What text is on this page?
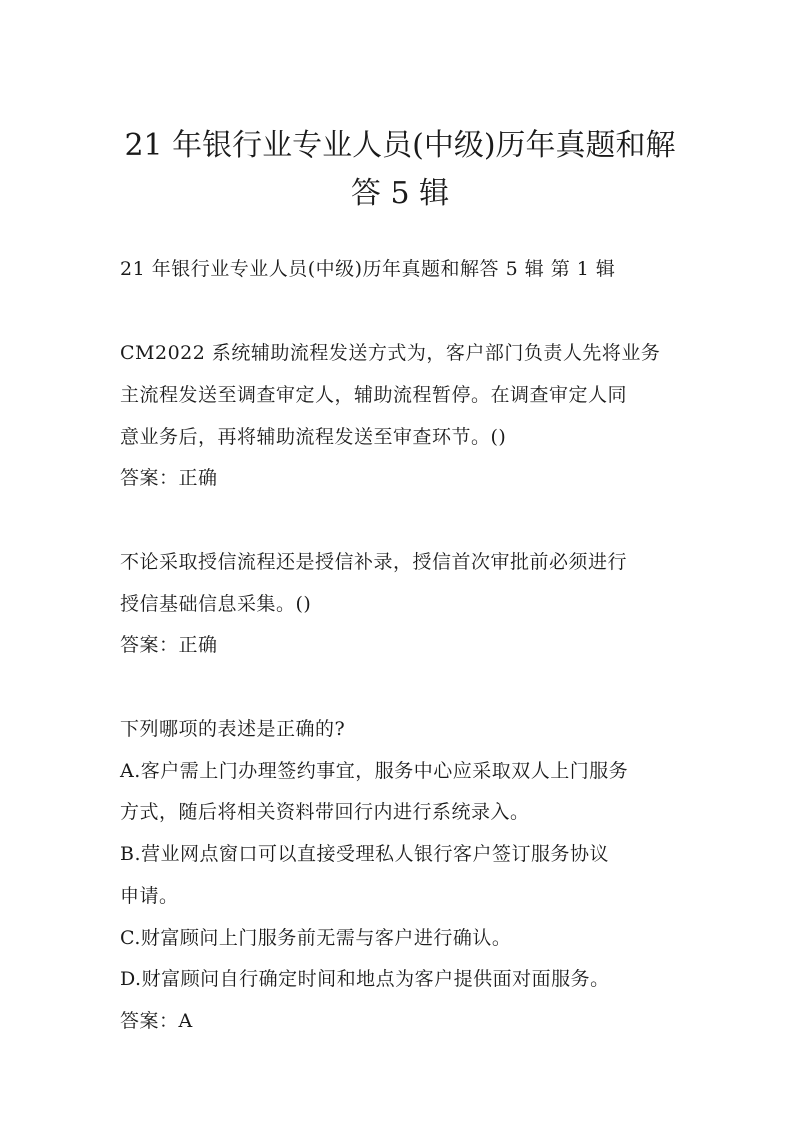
21 年银行业专业人员(中级)历年真题和解
答 5 辑
21 年银行业专业人员(中级)历年真题和解答 5 辑 第 1 辑
CM2022 系统辅助流程发送方式为，客户部门负责人先将业务
主流程发送至调查审定人，辅助流程暂停。在调查审定人同
意业务后，再将辅助流程发送至审查环节。()
答案：正确
不论采取授信流程还是授信补录，授信首次审批前必须进行
授信基础信息采集。()
答案：正确
下列哪项的表述是正确的?
A.客户需上门办理签约事宜，服务中心应采取双人上门服务
方式，随后将相关资料带回行内进行系统录入。
B.营业网点窗口可以直接受理私人银行客户签订服务协议
申请。
C.财富顾问上门服务前无需与客户进行确认。
D.财富顾问自行确定时间和地点为客户提供面对面服务。
答案：A
